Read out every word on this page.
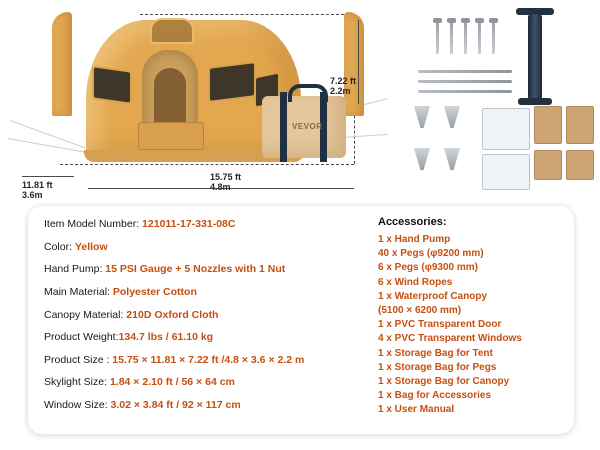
VEVOR
7.22 ft
2.2m
11.81 ft
3.6m
15.75 ft
4.8m
Item Model Number: 121011-17-331-08C
Color: Yellow
Hand Pump: 15 PSI Gauge + 5 Nozzles with 1 Nut
Main Material: Polyester Cotton
Canopy Material: 210D Oxford Cloth
Product Weight:134.7 lbs / 61.10 kg
Product Size : 15.75 × 11.81 × 7.22 ft /4.8 × 3.6 × 2.2 m
Skylight Size: 1.84 × 2.10 ft / 56 × 64 cm
Window Size: 3.02 × 3.84 ft / 92 × 117 cm
Accessories:
1 x Hand Pump
40 x Pegs (φ9200 mm)
6 x Pegs (φ9300 mm)
6 x Wind Ropes
1 x Waterproof Canopy
(5100 × 6200 mm)
1 x PVC Transparent Door
4 x PVC Transparent Windows
1 x Storage Bag for Tent
1 x Storage Bag for Pegs
1 x Storage Bag for Canopy
1 x Bag for Accessories
1 x User Manual
